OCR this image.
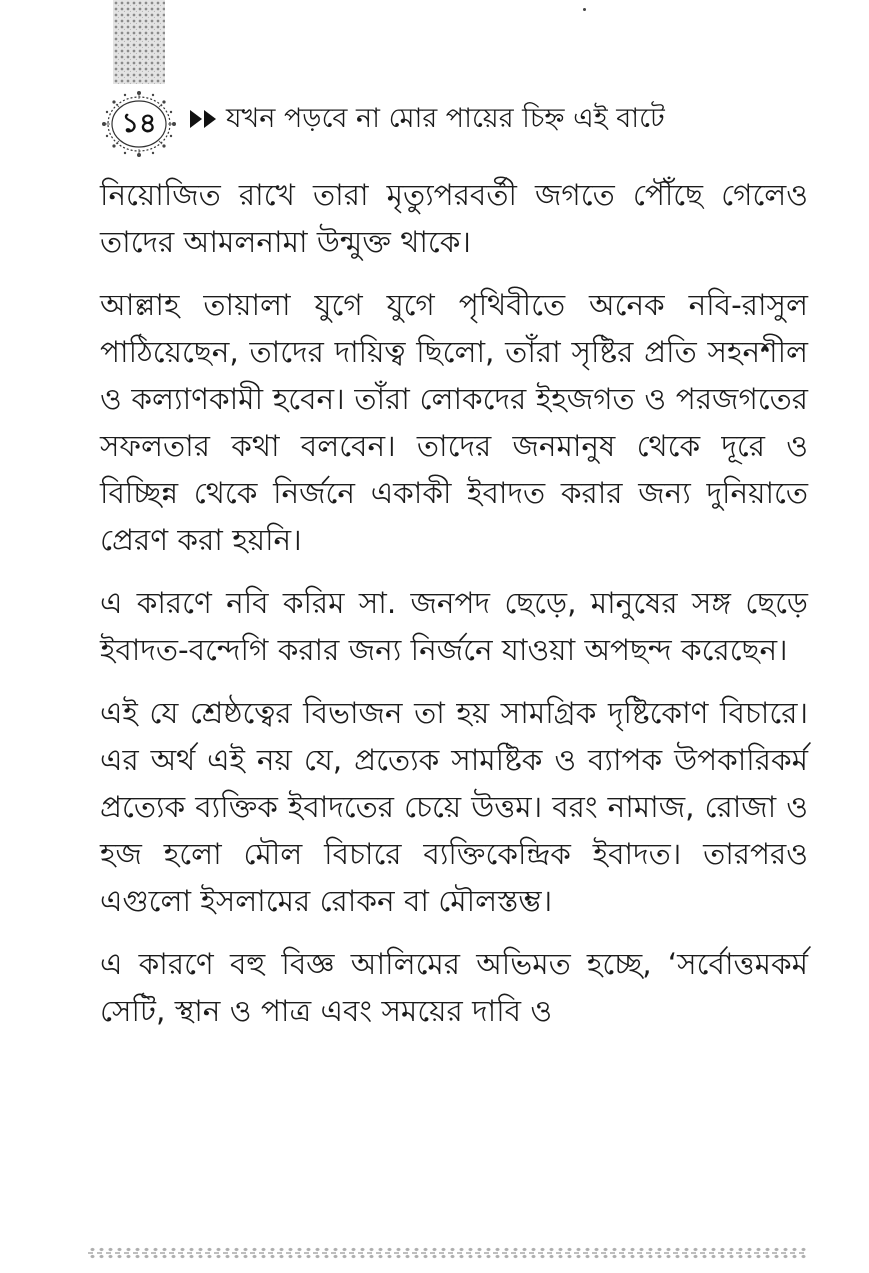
১৪	যখন পড়বে না মোর পায়ের চিহ্ন এই বাটে

নিয়োজিত রাখে তারা মৃত্যুপরবর্তী জগতে পৌঁছে গেলেও তাদের আমলনামা উন্মুক্ত থাকে।

আল্লাহ তায়ালা যুগে যুগে পৃথিবীতে অনেক নবি-রাসুল পাঠিয়েছেন, তাদের দায়িত্ব ছিলো, তাঁরা সৃষ্টির প্রতি সহনশীল ও কল্যাণকামী হবেন। তাঁরা লোকদের ইহজগত ও পরজগতের সফলতার কথা বলবেন। তাদের জনমানুষ থেকে দূরে ও বিচ্ছিন্ন থেকে নির্জনে একাকী ইবাদত করার জন্য দুনিয়াতে প্রেরণ করা হয়নি।

এ কারণে নবি করিম সা. জনপদ ছেড়ে, মানুষের সঙ্গ ছেড়ে ইবাদত-বন্দেগি করার জন্য নির্জনে যাওয়া অপছন্দ করেছেন।

এই যে শ্রেষ্ঠত্বের বিভাজন তা হয় সামগ্রিক দৃষ্টিকোণ বিচারে। এর অর্থ এই নয় যে, প্রত্যেক সামষ্টিক ও ব্যাপক উপকারিকর্ম প্রত্যেক ব্যক্তিক ইবাদতের চেয়ে উত্তম। বরং নামাজ, রোজা ও হজ হলো মৌল বিচারে ব্যক্তিকেন্দ্রিক ইবাদত। তারপরও এগুলো ইসলামের রোকন বা মৌলস্তম্ভ।

এ কারণে বহু বিজ্ঞ আলিমের অভিমত হচ্ছে, ‘সর্বোত্তমকর্ম সেটি, স্থান ও পাত্র এবং সময়ের দাবি ও
